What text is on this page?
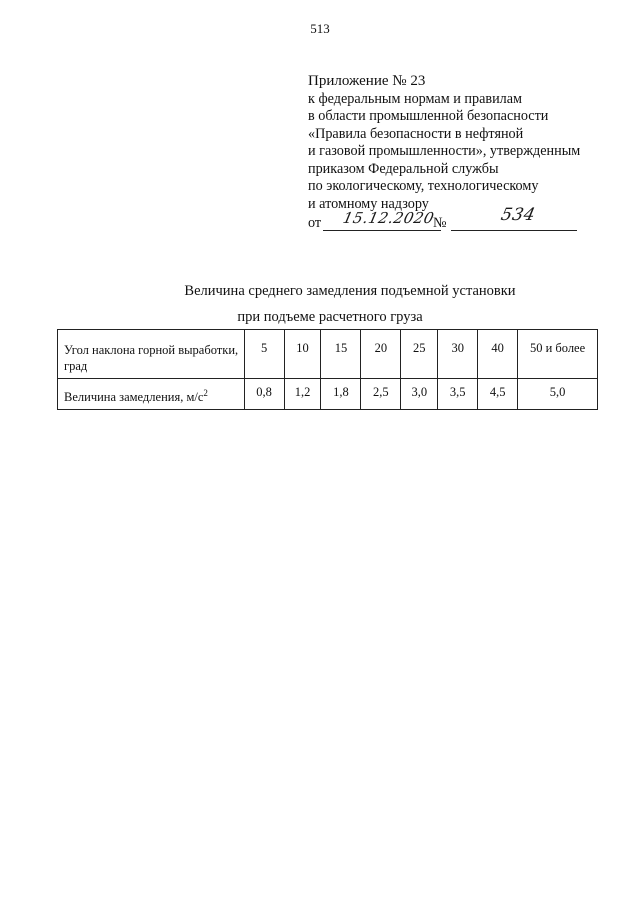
513
Приложение № 23
к федеральным нормам и правилам
в области промышленной безопасности
«Правила безопасности в нефтяной
и газовой промышленности», утвержденным
приказом Федеральной службы
по экологическому, технологическому
и атомному надзору
от 15.12.2020
№	534
Величина среднего замедления подъемной установки
при подъеме расчетного груза
Угол наклона горной выработки, град	5	10	15	20	25	30	40	50 и более
Величина замедления, $м/с^2$	0,8	1,2	1,8	2,5	3,0	3,5	4,5	5,0
